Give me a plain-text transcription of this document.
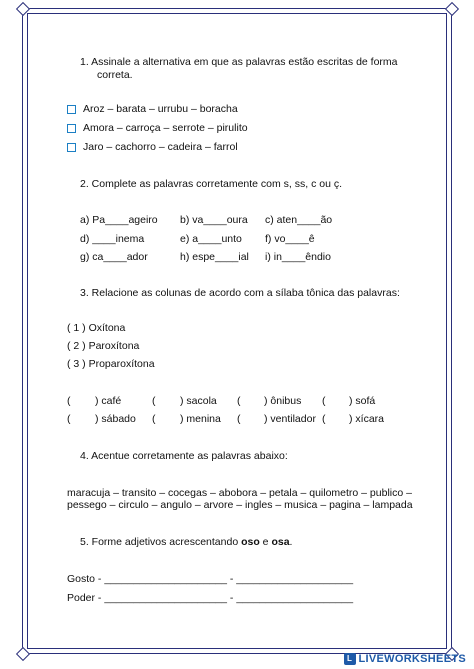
1. Assinale a alternativa em que as palavras estão escritas de forma
correta.
Aroz – barata – urrubu – boracha
Amora – carroça – serrote – pirulito
Jaro – cachorro – cadeira – farrol
2. Complete as palavras corretamente com s, ss, c ou ç.
a) Pa____ageiro b) va____oura c) aten____ão
d) ____inema	e) a____unto f) vo____ê
g) ca____ador	h) espe____ial i) in____êndio
3. Relacione as colunas de acordo com a sílaba tônica das palavras:
( 1 ) Oxítona
( 2 ) Paroxítona
( 3 ) Proparoxítona
( ) café	( ) sacola ( ) ônibus ( ) sofá
( ) sábado ( ) menina ( ) ventilador ( ) xícara
4. Acentue corretamente as palavras abaixo:
maracuja – transito – cocegas – abobora – petala – quilometro – publico –
pessego – circulo – angulo – arvore – ingles – musica – pagina – lampada
5. Forme adjetivos acrescentando oso e osa.
Gosto - _____________________ - ____________________
Poder - _____________________ - ____________________
L LIVEWORKSHEETS
